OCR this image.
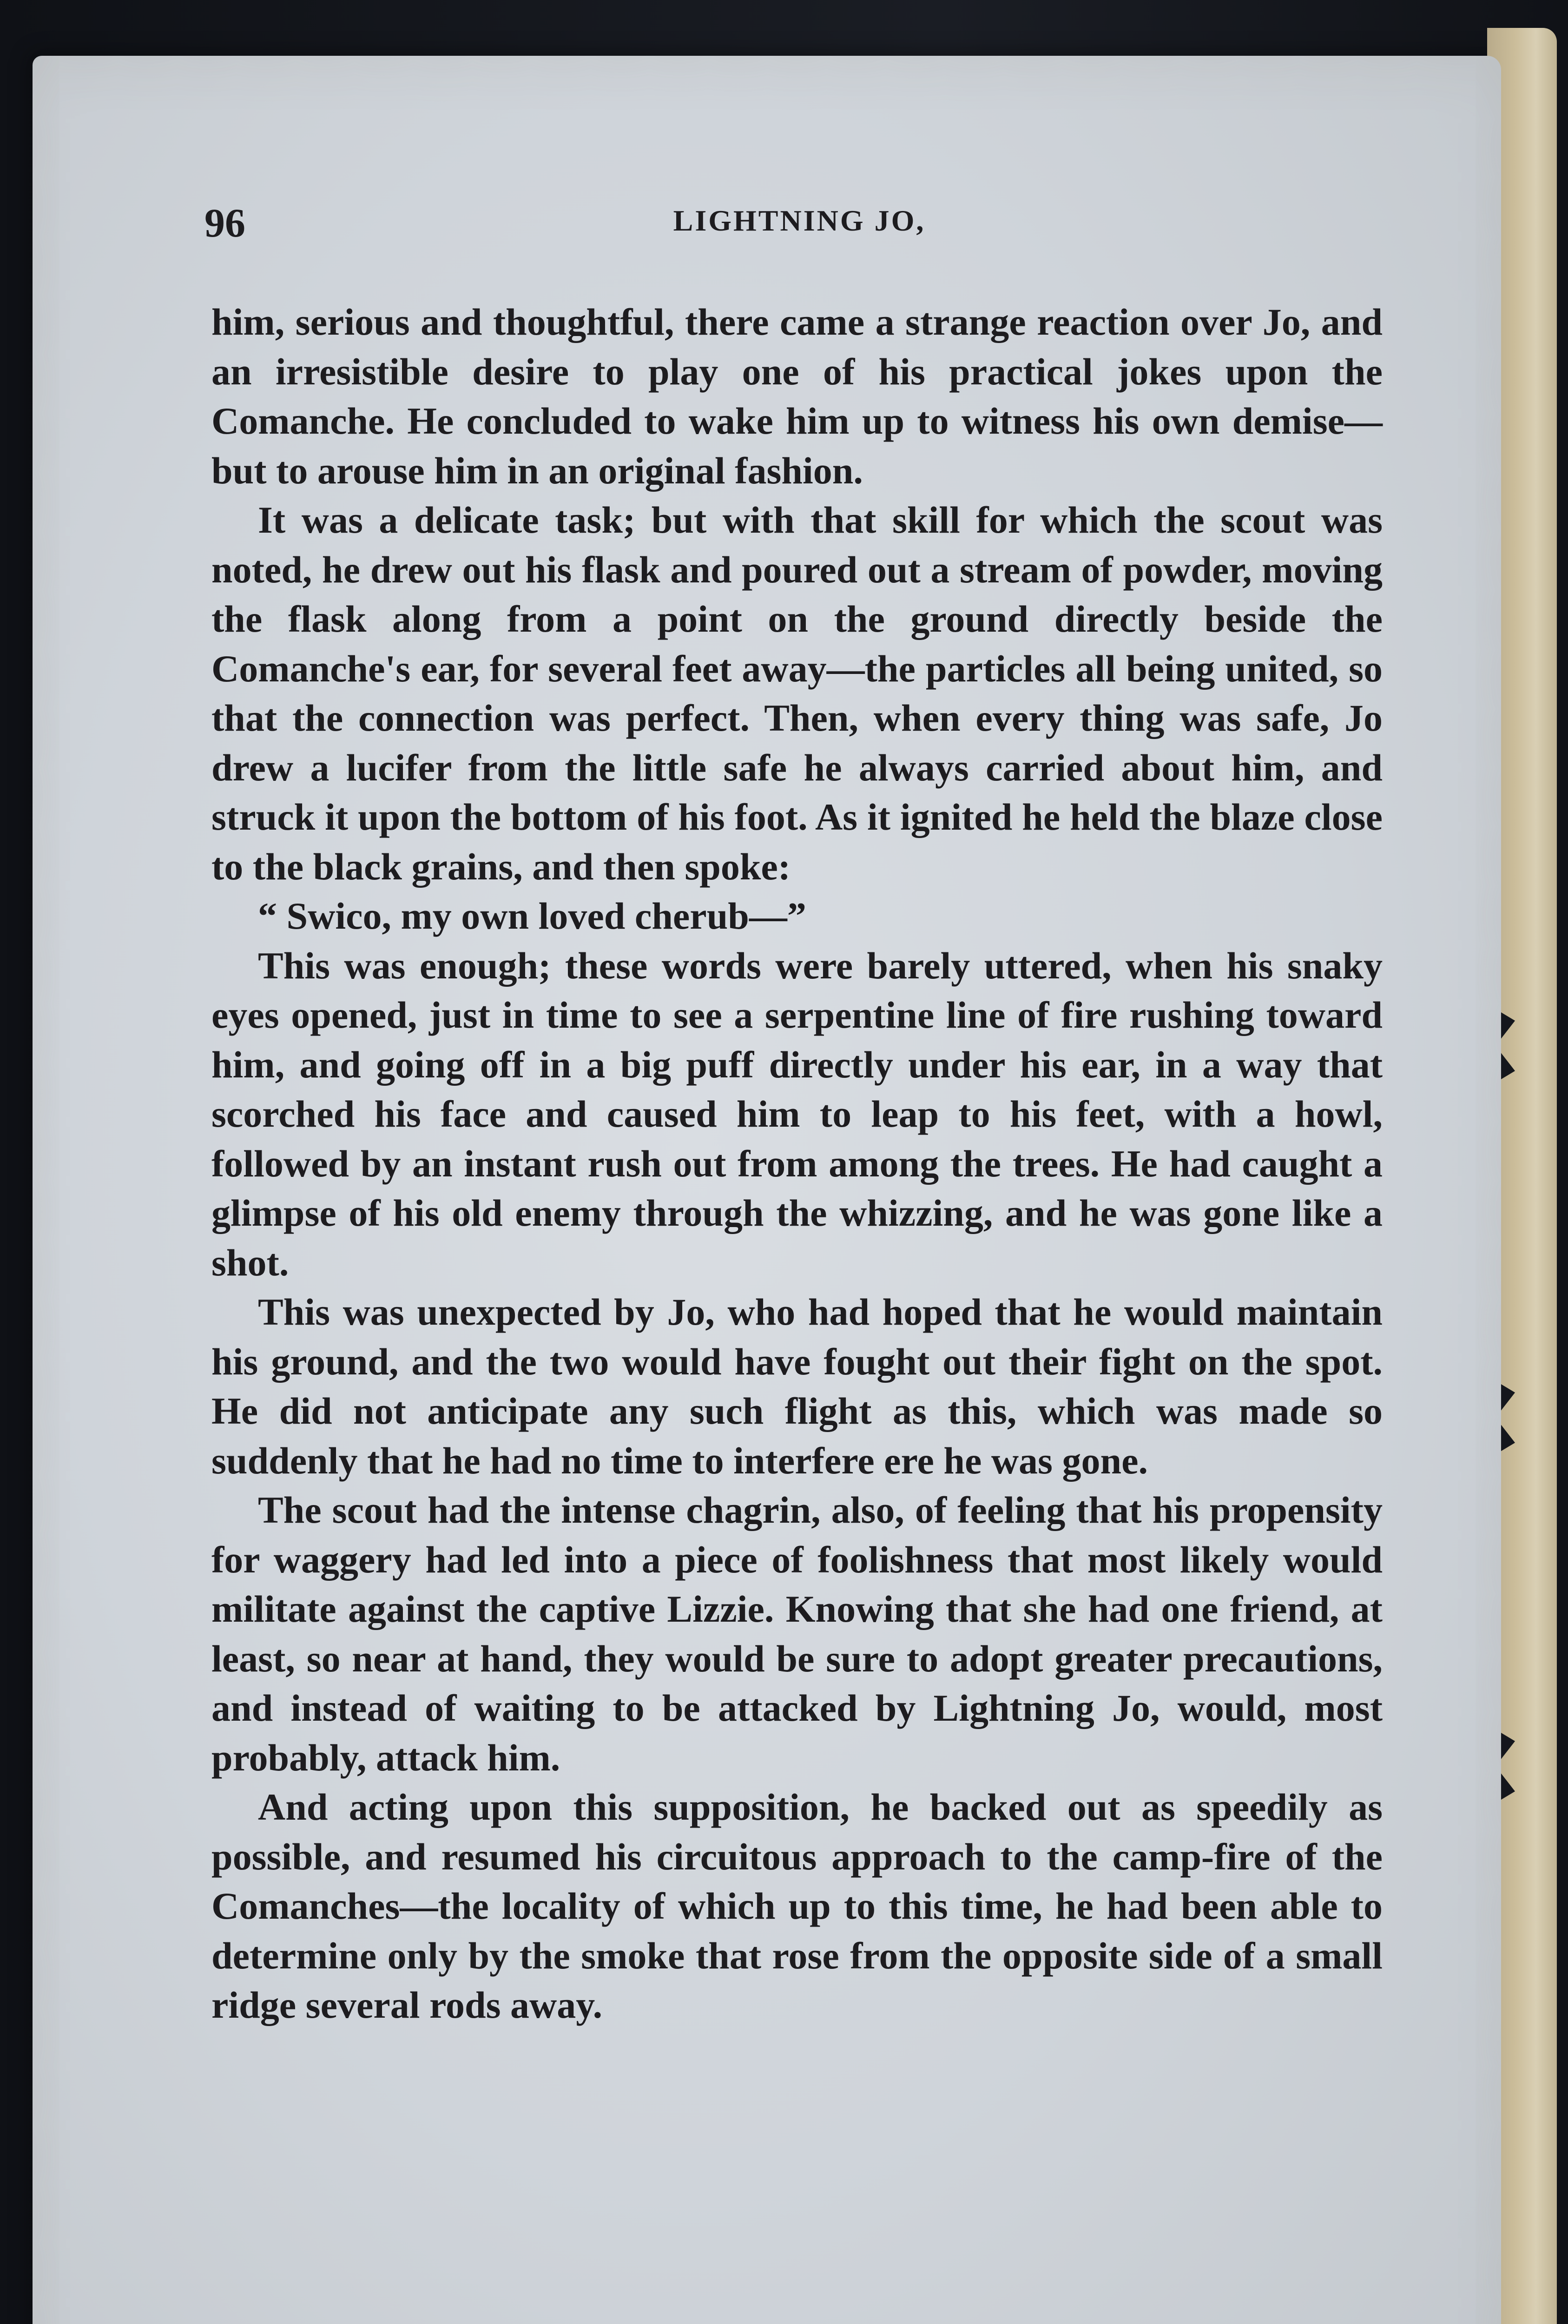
96	LIGHTNING JO,

him, serious and thoughtful, there came a strange reaction over Jo, and an irresistible desire to play one of his practical jokes upon the Comanche. He concluded to wake him up to witness his own demise—but to arouse him in an original fashion.

It was a delicate task; but with that skill for which the scout was noted, he drew out his flask and poured out a stream of powder, moving the flask along from a point on the ground directly beside the Comanche's ear, for several feet away—the particles all being united, so that the connection was perfect. Then, when every thing was safe, Jo drew a lucifer from the little safe he always carried about him, and struck it upon the bottom of his foot. As it ignited he held the blaze close to the black grains, and then spoke:

“ Swico, my own loved cherub—”

This was enough; these words were barely uttered, when his snaky eyes opened, just in time to see a serpentine line of fire rushing toward him, and going off in a big puff directly under his ear, in a way that scorched his face and caused him to leap to his feet, with a howl, followed by an instant rush out from among the trees. He had caught a glimpse of his old enemy through the whizzing, and he was gone like a shot.

This was unexpected by Jo, who had hoped that he would maintain his ground, and the two would have fought out their fight on the spot. He did not anticipate any such flight as this, which was made so suddenly that he had no time to interfere ere he was gone.

The scout had the intense chagrin, also, of feeling that his propensity for waggery had led into a piece of foolishness that most likely would militate against the captive Lizzie. Knowing that she had one friend, at least, so near at hand, they would be sure to adopt greater precautions, and instead of waiting to be attacked by Lightning Jo, would, most probably, attack him.

And acting upon this supposition, he backed out as speedily as possible, and resumed his circuitous approach to the camp-fire of the Comanches—the locality of which up to this time, he had been able to determine only by the smoke that rose from the opposite side of a small ridge several rods away.
